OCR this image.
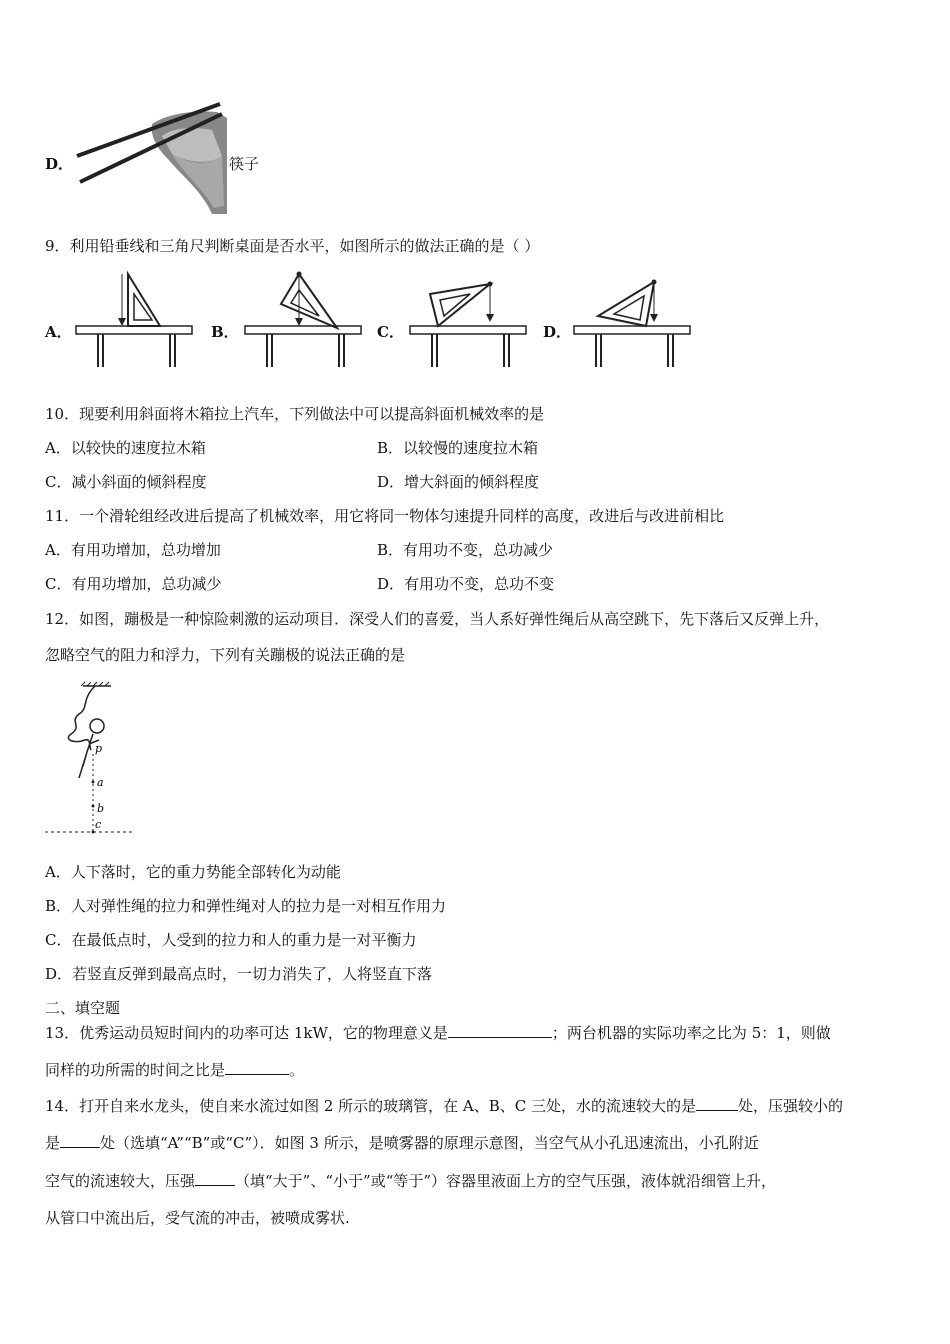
D．	筷子
9．利用铅垂线和三角尺判断桌面是否水平，如图所示的做法正确的是（ ）
A．	B．	C．	D．
10．现要利用斜面将木箱拉上汽车，下列做法中可以提高斜面机械效率的是
A．以较快的速度拉木箱	B．以较慢的速度拉木箱
C．减小斜面的倾斜程度	D．增大斜面的倾斜程度
11．一个滑轮组经改进后提高了机械效率，用它将同一物体匀速提升同样的高度，改进后与改进前相比
A．有用功增加，总功增加	B．有用功不变，总功减少
C．有用功增加，总功减少	D．有用功不变，总功不变
12．如图，蹦极是一种惊险刺激的运动项目．深受人们的喜爱，当人系好弹性绳后从高空跳下，先下落后又反弹上升，
忽略空气的阻力和浮力，下列有关蹦极的说法正确的是
p
a
b
c
A．人下落时，它的重力势能全部转化为动能
B．人对弹性绳的拉力和弹性绳对人的拉力是一对相互作用力
C．在最低点时，人受到的拉力和人的重力是一对平衡力
D．若竖直反弹到最高点时，一切力消失了，人将竖直下落
二、填空题
13．优秀运动员短时间内的功率可达 1kW，它的物理意义是	；两台机器的实际功率之比为 5：1，则做
同样的功所需的时间之比是	。
14．打开自来水龙头，使自来水流过如图 2 所示的玻璃管，在 A、B、C 三处，水的流速较大的是	处，压强较小的
是	处（选填“A”“B”或“C”）．如图 3 所示，是喷雾器的原理示意图，当空气从小孔迅速流出，小孔附近
空气的流速较大，压强	（填“大于”、“小于”或“等于”）容器里液面上方的空气压强，液体就沿细管上升，
从管口中流出后，受气流的冲击，被喷成雾状.
